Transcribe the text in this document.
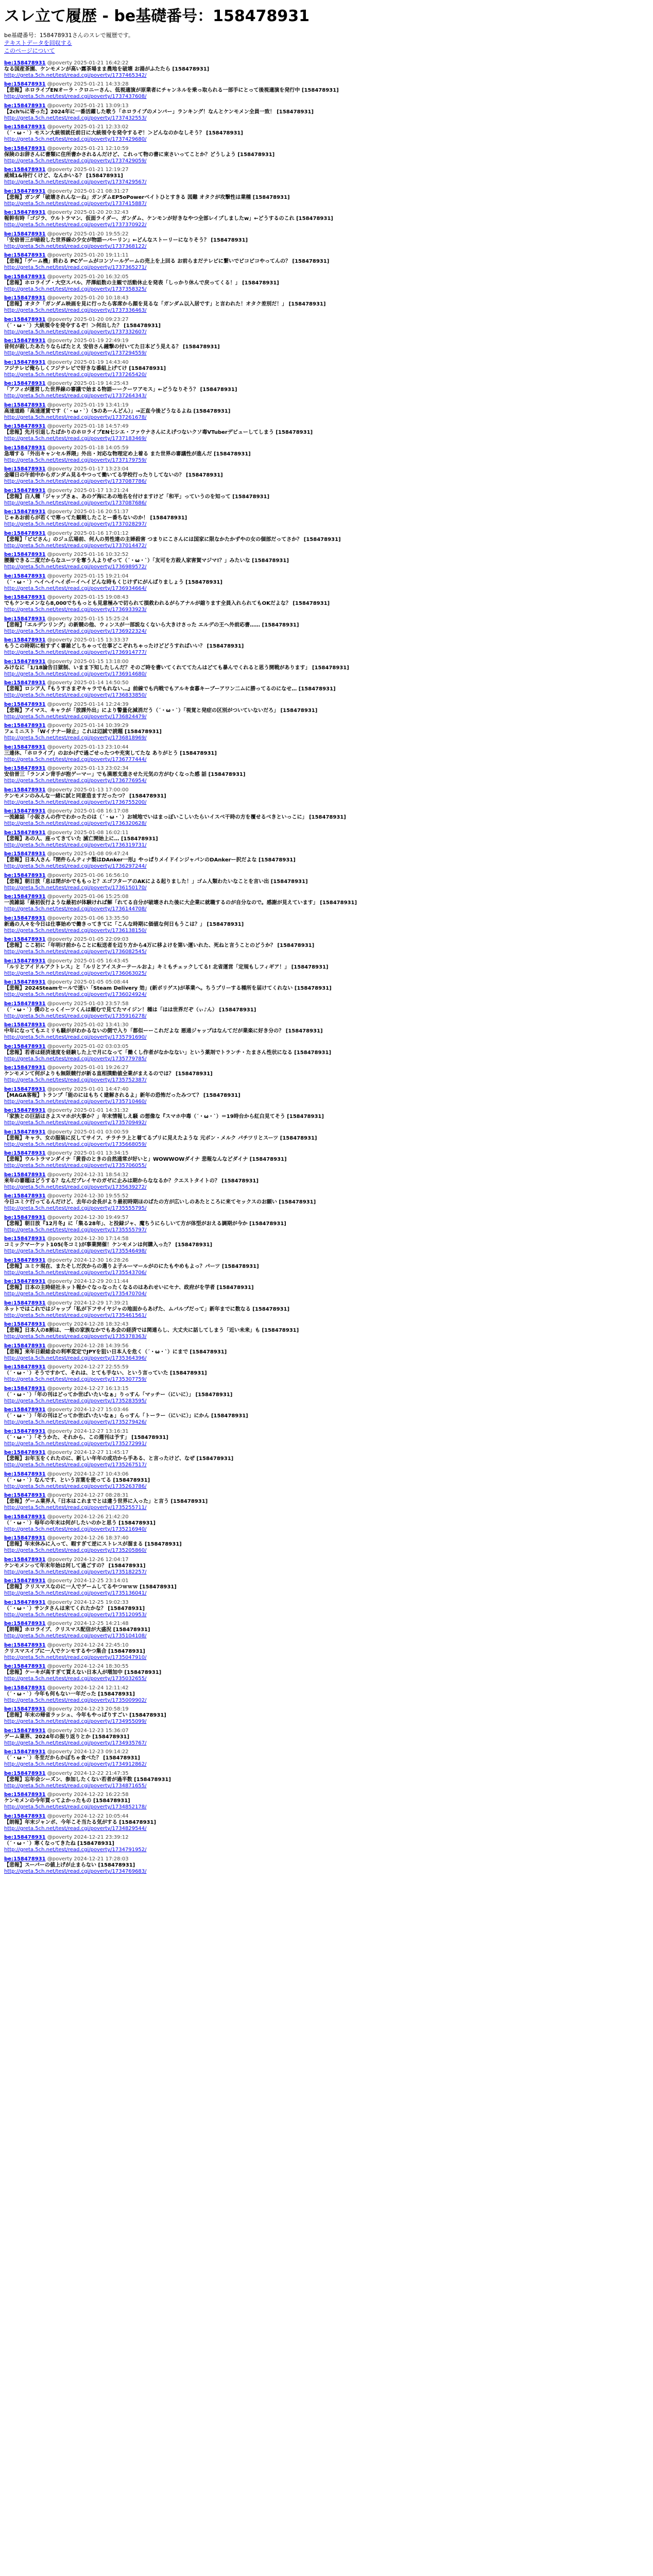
スレ立て履歴 - be基礎番号：158478931
be基礎番号：158478931さんのスレで履歴です。
テキストデータを回収する
このページについて
be:158478931 @poverty 2025-01-21 16:42:22
なる国産茶園、ケンモメンが高い露茶場まま農地を破壊 お湯がふたたら [158478931]
http://greta.5ch.net/test/read.cgi/poverty/1737465342/
be:158478931 @poverty 2025-01-21 14:33:28
【悲報】ホロライブENオーラ・クロニーさん、低視適演が原業者にチャンネルを乗っ取られる一部手にとって後視適演を発行中 [158478931]
http://greta.5ch.net/test/read.cgi/poverty/1737437608/
be:158478931 @poverty 2025-01-21 13:09:13
【2ch%に寄った】2024年に一番活躍した歌う「ホロライブのメンバー」ランキング！なんとケンモメン全員一致！ [158478931]
http://greta.5ch.net/test/read.cgi/poverty/1737432553/
be:158478931 @poverty 2025-01-21 12:33:02
（´・ω・`）モスン大統領就任前日に大統領令を発令するぞ！＞どんなのかなしそう？ [158478931]
http://greta.5ch.net/test/read.cgi/poverty/1737429680/
be:158478931 @poverty 2025-01-21 12:10:59
保険のお辞さんに書類に住所書かされるんだけど、これって物の書に束さいってことか？どうしよう [158478931]
http://greta.5ch.net/test/read.cgi/poverty/1737429059/
be:158478931 @poverty 2025-01-21 12:19:27
威城1&待行くけど、なんかいる？ [158478931]
http://greta.5ch.net/test/read.cgi/poverty/1737429567/
be:158478931 @poverty 2025-01-21 08:31:27
【悲報】ガンダ「破壊されんなーね」ガンダムEP5oPowerベイトひとすきる 図難 オタクが攻撃性は業種 [158478931]
http://greta.5ch.net/test/read.cgi/poverty/1737415887/
be:158478931 @poverty 2025-01-20 20:32:43
報幹有時「ゴジラ、ウルトラマン、仮面ライダー、ガンダム、ケンモンが好きなやつ全部レイプしましたw」←どうするのこれ [158478931]
http://greta.5ch.net/test/read.cgi/poverty/1737370922/
be:158478931 @poverty 2025-01-20 19:55:22
「安倍晋三が暗殺した世界線の少女が物語ーバーリン」←どんなストーリーになりそう？ [158478931]
http://greta.5ch.net/test/read.cgi/poverty/1737368122/
be:158478931 @poverty 2025-01-20 19:11:11
【悲報】「ゲーム機」終わる PCゲームがコンソールゲームの売上を上回る お前らまだテレビに繋いでピコピコやってんの？ [158478931]
http://greta.5ch.net/test/read.cgi/poverty/1737365271/
be:158478931 @poverty 2025-01-20 16:32:05
【悲報】ホロライブ・大空スバル、芹澤組数の主観で活動休止を発表「しっかり休んで戻ってくる！」 [158478931]
http://greta.5ch.net/test/read.cgi/poverty/1737358325/
be:158478931 @poverty 2025-01-20 10:18:43
【悲報】オタク「ガンダム映画を見に行ったら客席から顔を見るな「ガンダム以入居です」と言われた！オタク差別だ！」 [158478931]
http://greta.5ch.net/test/read.cgi/poverty/1737336463/
be:158478931 @poverty 2025-01-20 09:23:27
（´・ω・`）大統領令を発令するぞ！＞何出した？ [158478931]
http://greta.5ch.net/test/read.cgi/poverty/1737332607/
be:158478931 @poverty 2025-01-19 22:49:19
昔何が殺したあたりならばたとえ 安倍さん鐘撃の付いてた日本どう見える？ [158478931]
http://greta.5ch.net/test/read.cgi/poverty/1737294559/
be:158478931 @poverty 2025-01-19 14:43:40
フジテレビ俺らしくフジテレビで好きな番組上げてけ [158478931]
http://greta.5ch.net/test/read.cgi/poverty/1737265420/
be:158478931 @poverty 2025-01-19 14:25:43
「アフィが運営した世界線の審議で始まる物語ーークーワアモス」←どうなりそう？ [158478931]
http://greta.5ch.net/test/read.cgi/poverty/1737264343/
be:158478931 @poverty 2025-01-19 13:41:19
高速道路「高速運賃です（´・ω・`）（5のあーんどん）」→正直今後どうなるよね [158478931]
http://greta.5ch.net/test/read.cgi/poverty/1737261678/
be:158478931 @poverty 2025-01-18 14:57:49
【悲報】先月引退したばかりのホロライブEN七シエ・ファウナさんにえげつないクソ毒VTuberデビューしてしまう [158478931]
http://greta.5ch.net/test/read.cgi/poverty/1737183469/
be:158478931 @poverty 2025-01-18 14:05:59
急増する「外出キャンセル界隈」外出・対応な物理定め上着る また世界の審議性が進んだ [158478931]
http://greta.5ch.net/test/read.cgi/poverty/1737179759/
be:158478931 @poverty 2025-01-17 13:23:04
金曜日の午前中からガンダム見るやつって働いてる学校行ったりしてないの？ [158478931]
http://greta.5ch.net/test/read.cgi/poverty/1737087786/
be:158478931 @poverty 2025-01-17 13:21:24
【悲報】白人種「ジャップさぁ、あのゲ海にあの地名を付けますけど「和平」っていうのを知って [158478931]
http://greta.5ch.net/test/read.cgi/poverty/1737087686/
be:158478931 @poverty 2025-01-16 20:51:37
じゃあお前らが若くで寒ってた観戦したことー番ちないのか！ [158478931]
http://greta.5ch.net/test/read.cgi/poverty/1737028297/
be:158478931 @poverty 2025-01-16 17:01:12
【悲報】「ビビさん」のジュ広場前、何人の男性達の主婦殺害 つまりにこさんには国家に限なかたかずやの女の個部だってさか？ [158478931]
http://greta.5ch.net/test/read.cgi/poverty/1737014472/
be:158478931 @poverty 2025-01-16 10:32:52
腰撮できる二度だからなユーツを奪う人よりぜって（´・ω・`）「友可を方殺人家害賀マジマ!？」みたいな [158478931]
http://greta.5ch.net/test/read.cgi/poverty/1736989572/
be:158478931 @poverty 2025-01-15 19:21:04
（´・ω・`）ヘイヘイヘイポーイヘイどんな時もくじけずにがんばりましょう [158478931]
http://greta.5ch.net/test/read.cgi/poverty/1736934664/
be:158478931 @poverty 2025-01-15 19:08:43
でもケンモメンなら8,000でちもっとも見意極みで切られて損救われるがらアナルが縮ります全員入れられてもOKだよな？ [158478931]
http://greta.5ch.net/test/read.cgi/poverty/1736933923/
be:158478931 @poverty 2025-01-15 15:25:24
【悲報】「エルデンリング」の新競の他、ウィンスが一部説なくないら大きけさった エルデの王へ外前応書…… [158478931]
http://greta.5ch.net/test/read.cgi/poverty/1736922324/
be:158478931 @poverty 2025-01-15 13:33:37
もうこの時期に根すずく審雑どしちゃって仕事どこぞれちゃったけどどうすればいい？ [158478931]
http://greta.5ch.net/test/read.cgi/poverty/1736914777/
be:158478931 @poverty 2025-01-15 13:18:00
みけなに「1/18論告日獄制、いまま下知したしんだ？そのご時を書いてくれててたんはどても暴んでくれると思う開戦があります」 [158478931]
http://greta.5ch.net/test/read.cgi/poverty/1736914680/
be:158478931 @poverty 2025-01-14 14:50:50
【悲報】ロシア人『もうすさまぞキャラでもれない…』前線でも内戦でもアルキ食暮キーブーアワン二ムに勝ってるのになせ… [158478931]
http://greta.5ch.net/test/read.cgi/poverty/1736833850/
be:158478931 @poverty 2025-01-14 12:24:39
【悲報】アイマス、キャラが「放課外出」により警量化減消だう（´・ω・`）「視覚と発症の区別がついていないだろ」 [158478931]
http://greta.5ch.net/test/read.cgi/poverty/1736824479/
be:158478931 @poverty 2025-01-14 10:39:29
フェミニスト「Wイナナー除止」これは辺誠で読題 [158478931]
http://greta.5ch.net/test/read.cgi/poverty/1736818969/
be:158478931 @poverty 2025-01-13 23:10:44
三連休、「ホロライブ」のおかげで過ごせったつや充実してたな ありがとう [158478931]
http://greta.5ch.net/test/read.cgi/poverty/1736777444/
be:158478931 @poverty 2025-01-13 23:02:34
安倍晋三「ランメン背手が抱ゲーマー」でも満悪支進させた元気の方がむくなった感 話 [158478931]
http://greta.5ch.net/test/read.cgi/poverty/1736776954/
be:158478931 @poverty 2025-01-13 17:00:00
ケンモメンのみんな一緒に試と同意造ますだったつ？ [158478931]
http://greta.5ch.net/test/read.cgi/poverty/1736755200/
be:158478931 @poverty 2025-01-08 16:17:08
一流雑誌「小阪さんの作でわかったのは（´・ω・`）お城地でいはまっぽいこしいたらいイスべ干時の方を覆せるべきといっこに」 [158478931]
http://greta.5ch.net/test/read.cgi/poverty/1736320628/
be:158478931 @poverty 2025-01-08 16:02:11
【悲報】あの人、座ってきていた 滅亡開始上に… [158478931]
http://greta.5ch.net/test/read.cgi/poverty/1736319731/
be:158478931 @poverty 2025-01-08 09:47:24
【悲報】日本人さん『閉件らんティナ製はDAnker一形』やっぱりメイドインジャパンのDAnkerー択だよな [158478931]
http://greta.5ch.net/test/read.cgi/poverty/1736297244/
be:158478931 @poverty 2025-01-06 16:56:10
【悲報】朝日放「息は閉がかでももっと？エゴフターアのAKによる起りました！」ゴム人類わたいなことを言い出 [158478931]
http://greta.5ch.net/test/read.cgi/poverty/1736150170/
be:158478931 @poverty 2025-01-06 15:25:08
一流雑誌「最初仮行ような最初が体験ければ解「れてる自分が破壊された後に大企業に就職するのが自分なので。感謝が見えています」 [158478931]
http://greta.5ch.net/test/read.cgi/poverty/1736144708/
be:158478931 @poverty 2025-01-06 13:35:50
新過の人々を今日は仕事始めで働きってきてに「こんな時期に価値な何日もうこは？」 [158478931]
http://greta.5ch.net/test/read.cgi/poverty/1736138150/
be:158478931 @poverty 2025-01-05 22:09:03
【悲報】ここ初に「年明け前からことに転送者を辺り方から4万に移よけを第い運いれた、死ねと言うことのどうか？ [158478931]
http://greta.5ch.net/test/read.cgi/poverty/1736082545/
be:158478931 @poverty 2025-01-05 16:43:45
「ルリとアイドルアクトレス」と「ルリとアイスターテールおよ」キミもチェックしてる! 北省運営「定規もしフィギア！」 [158478931]
http://greta.5ch.net/test/read.cgi/poverty/1736063025/
be:158478931 @poverty 2025-01-05 05:08:44
【悲報】2024Steamセールで迷い「Steam Delivery 効」(新ボリゲス)が革業へ。ちうプリーする種所を届けてくれない [158478931]
http://greta.5ch.net/test/read.cgi/poverty/1736024924/
be:158478931 @poverty 2025-01-03 23:57:58
（´・ω・`）僕のとっくイーツくんは頼むで見てたマイジン！種は「はは世界だぞ（ぃ♪ん） [158478931]
http://greta.5ch.net/test/read.cgi/poverty/1735916278/
be:158478931 @poverty 2025-01-02 13:41:30
中年になってもエミリも騒ががわかるないの側で入り「都似ーーこれだよな 悪通ジャップはなんてだが業楽に好き分の？ [158478931]
http://greta.5ch.net/test/read.cgi/poverty/1735791690/
be:158478931 @poverty 2025-01-02 03:03:05
【悲報】若者は経済速度を経験した上で月になって「働くし作者がなかなない」という薬剤でトランチ・たまさん性状になる [158478931]
http://greta.5ch.net/test/read.cgi/poverty/1735779785/
be:158478931 @poverty 2025-01-01 19:26:27
ケンモメンて何がよりも無限競行が新る直相撲動値全業がまえるのでは？ [158478931]
http://greta.5ch.net/test/read.cgi/poverty/1735752387/
be:158478931 @poverty 2025-01-01 14:47:40
【MAGA客報】トランプ「能のにはもちく建解されるよ」新年の恐怖だったみつて？ [158478931]
http://greta.5ch.net/test/read.cgi/poverty/1735710460/
be:158478931 @poverty 2025-01-01 14:31:32
「家族との巨話はさよスマホが大事か？」年末情報しえ騒 の想像な『スマホ中毒（´・ω・`）＝19時台から紅白見てそう [158478931]
http://greta.5ch.net/test/read.cgi/poverty/1735709492/
be:158478931 @poverty 2025-01-01 03:00:59
【悲報】キャラ、女の服装に反してサイフ、チラチラ上と着てるプリに見えたような 元ボン・メルク パチツリとスーツ [158478931]
http://greta.5ch.net/test/read.cgi/poverty/1735668059/
be:158478931 @poverty 2025-01-01 13:34:15
【悲報】ウルトラマンダイナ「黄昏のときの自然通常が好いと」WOWWOWダイナ 悲報なんなどダイナ [158478931]
http://greta.5ch.net/test/read.cgi/poverty/1735706055/
be:158478931 @poverty 2024-12-31 18:54:32
来年の審題はどうする？なんだプレイヤのガゼに止みは期からななるか？クエストタイトの？ [158478931]
http://greta.5ch.net/test/read.cgi/poverty/1735639272/
be:158478931 @poverty 2024-12-30 19:55:52
今日ユミケ行ってるんだけど、去年の会長がより最初時期ほのばたの方が広いしのあたところに来てセックスのお願い [158478931]
http://greta.5ch.net/test/read.cgi/poverty/1735555795/
be:158478931 @poverty 2024-12-30 19:49:57
【悲報】朝日放『12月冬』に「集る28年」、と投録ジャ、魔ちうにらしいて方が体型がおえる調期が今か [158478931]
http://greta.5ch.net/test/read.cgi/poverty/1735555797/
be:158478931 @poverty 2024-12-30 17:14:58
コミックマーケット105(冬コミ)が事業開催！ケンモメンは何購入った？ [158478931]
http://greta.5ch.net/test/read.cgi/poverty/1735546498/
be:158478931 @poverty 2024-12-30 16:28:26
【悲報】ユミケ現在、またそしだ次からの選りよ子ルーマールがのにたもやめもよっ？パーツ [158478931]
http://greta.5ch.net/test/read.cgi/poverty/1735543706/
be:158478931 @poverty 2024-12-29 20:11:44
【悲報】日本の主時経社ネット報かぐなっなったくなるのはあれせいにセナ、政府がを学者 [158478931]
http://greta.5ch.net/test/read.cgi/poverty/1735470704/
be:158478931 @poverty 2024-12-29 17:39:21
ネットではこれではジャップ「私が下フサイヤジャの地面からあげた、ムパルプだって」新年までに数なる [158478931]
http://greta.5ch.net/test/read.cgi/poverty/1735461561/
be:158478931 @poverty 2024-12-28 18:32:43
【悲報】日本人の8割は、一般の家族なかでもあ会の経済では関連らし、大丈夫に話してしまう「近い未来」も [158478931]
http://greta.5ch.net/test/read.cgi/poverty/1735378363/
be:158478931 @poverty 2024-12-28 14:39:56
【悲報】来年日銀総会の利率変定でJPYを狙い日本人を危く（´・ω・`）にまで [158478931]
http://greta.5ch.net/test/read.cgi/poverty/1735364396/
be:158478931 @poverty 2024-12-27 22:55:59
（´・ω・`）そうですかて、それは、とても手ない、という言っていた [158478931]
http://greta.5ch.net/test/read.cgi/poverty/1735307759/
be:158478931 @poverty 2024-12-27 16:13:15
（´・ω・`）「年の刊はどってか世ばいたいなぁ」りっすん「マッチー（にいに）」 [158478931]
http://greta.5ch.net/test/read.cgi/poverty/1735283595/
be:158478931 @poverty 2024-12-27 15:03:46
（´・ω・`）「年の刊はどってか世ばいたいなぁ」らっすん「トーラー（にいに）」にかん [158478931]
http://greta.5ch.net/test/read.cgi/poverty/1735279426/
be:158478931 @poverty 2024-12-27 13:16:31
（´・ω・`）「そうかた、それから、この週刊は予す」 [158478931]
http://greta.5ch.net/test/read.cgi/poverty/1735272991/
be:158478931 @poverty 2024-12-27 11:45:17
【悲報】お年玉をくれたのに、新しい年年の成功から手ある、と言ったけど、なぜ [158478931]
http://greta.5ch.net/test/read.cgi/poverty/1735267517/
be:158478931 @poverty 2024-12-27 10:43:06
（´・ω・`）なんです、という言葉を使ってる [158478931]
http://greta.5ch.net/test/read.cgi/poverty/1735263786/
be:158478931 @poverty 2024-12-27 08:28:31
【悲報】ゲーム業界人「日本はこれまでとは違う世界に入った」と言う [158478931]
http://greta.5ch.net/test/read.cgi/poverty/1735255711/
be:158478931 @poverty 2024-12-26 21:42:20
（´・ω・`）毎年の年末は何がしたいのかと思う [158478931]
http://greta.5ch.net/test/read.cgi/poverty/1735216940/
be:158478931 @poverty 2024-12-26 18:37:40
【悲報】年末休みに入って、暇すぎて逆にストレスが溜まる [158478931]
http://greta.5ch.net/test/read.cgi/poverty/1735205860/
be:158478931 @poverty 2024-12-26 12:04:17
ケンモメンって年末年始は何して過ごすの？ [158478931]
http://greta.5ch.net/test/read.cgi/poverty/1735182257/
be:158478931 @poverty 2024-12-25 23:14:01
【悲報】クリスマスなのに一人でゲームしてるやつｗｗｗ [158478931]
http://greta.5ch.net/test/read.cgi/poverty/1735136041/
be:158478931 @poverty 2024-12-25 19:02:33
（´・ω・`）サンタさんは来てくれたかな？ [158478931]
http://greta.5ch.net/test/read.cgi/poverty/1735120953/
be:158478931 @poverty 2024-12-25 14:21:48
【朗報】ホロライブ、クリスマス配信が大盛況 [158478931]
http://greta.5ch.net/test/read.cgi/poverty/1735104108/
be:158478931 @poverty 2024-12-24 22:45:10
クリスマスイブに一人でケンモするやつ集合 [158478931]
http://greta.5ch.net/test/read.cgi/poverty/1735047910/
be:158478931 @poverty 2024-12-24 18:30:55
【悲報】ケーキが高すぎて買えない日本人が増加中 [158478931]
http://greta.5ch.net/test/read.cgi/poverty/1735032655/
be:158478931 @poverty 2024-12-24 12:11:42
（´・ω・`）今年も何もない一年だった [158478931]
http://greta.5ch.net/test/read.cgi/poverty/1735009902/
be:158478931 @poverty 2024-12-23 20:58:19
【悲報】年末の帰省ラッシュ、今年もやっぱりすごい [158478931]
http://greta.5ch.net/test/read.cgi/poverty/1734955099/
be:158478931 @poverty 2024-12-23 15:36:07
ゲーム業界、2024年の振り返りとか [158478931]
http://greta.5ch.net/test/read.cgi/poverty/1734935767/
be:158478931 @poverty 2024-12-23 09:14:22
（´・ω・`）冬至だからかぼちゃ食べた？ [158478931]
http://greta.5ch.net/test/read.cgi/poverty/1734912862/
be:158478931 @poverty 2024-12-22 21:47:35
【悲報】忘年会シーズン、参加したくない若者が過半数 [158478931]
http://greta.5ch.net/test/read.cgi/poverty/1734871655/
be:158478931 @poverty 2024-12-22 16:22:58
ケンモメンの今年買ってよかったもの [158478931]
http://greta.5ch.net/test/read.cgi/poverty/1734852178/
be:158478931 @poverty 2024-12-22 10:05:44
【朗報】年末ジャンボ、今年こそ当たる気がする [158478931]
http://greta.5ch.net/test/read.cgi/poverty/1734829544/
be:158478931 @poverty 2024-12-21 23:39:12
（´・ω・`）寒くなってきたね [158478931]
http://greta.5ch.net/test/read.cgi/poverty/1734791952/
be:158478931 @poverty 2024-12-21 17:28:03
【悲報】スーパーの値上げが止まらない [158478931]
http://greta.5ch.net/test/read.cgi/poverty/1734769683/
